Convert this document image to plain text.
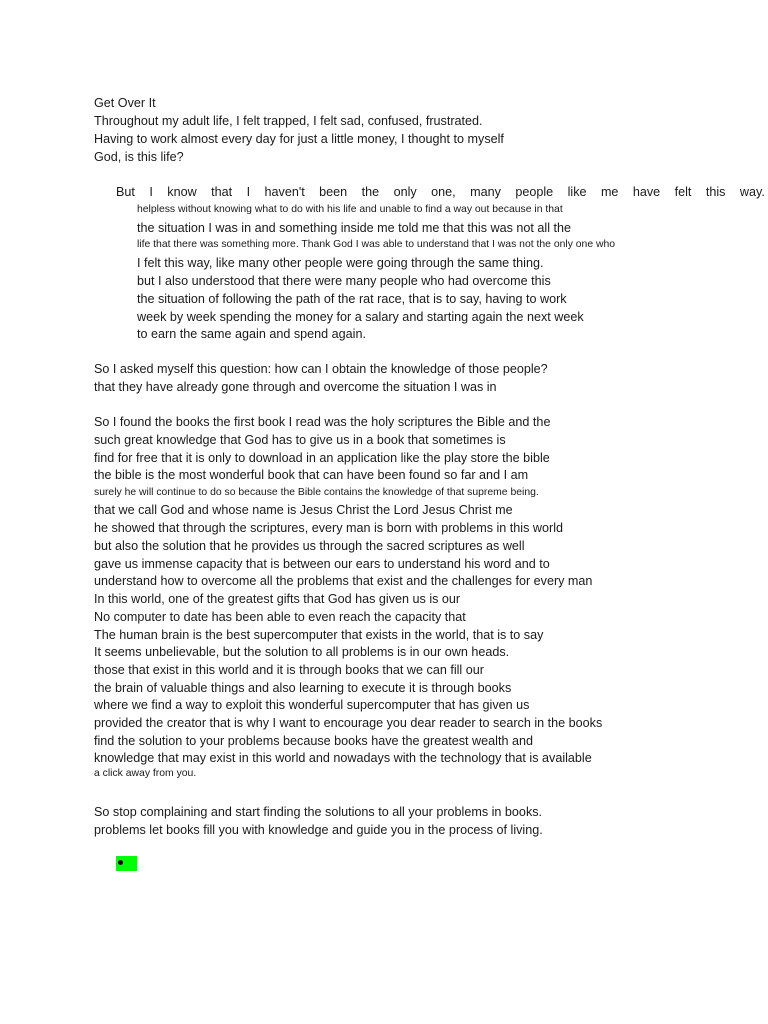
Get Over It
Throughout my adult life, I felt trapped, I felt sad, confused, frustrated.
Having to work almost every day for just a little money, I thought to myself
God, is this life?
But I know that I haven't been the only one, many people like me have felt this way.
helpless without knowing what to do with his life and unable to find a way out because in that
the situation I was in and something inside me told me that this was not all the
life that there was something more. Thank God I was able to understand that I was not the only one who
I felt this way, like many other people were going through the same thing.
but I also understood that there were many people who had overcome this
the situation of following the path of the rat race, that is to say, having to work
week by week spending the money for a salary and starting again the next week
to earn the same again and spend again.
So I asked myself this question: how can I obtain the knowledge of those people?
that they have already gone through and overcome the situation I was in
So I found the books the first book I read was the holy scriptures the Bible and the
such great knowledge that God has to give us in a book that sometimes is
find for free that it is only to download in an application like the play store the bible
the bible is the most wonderful book that can have been found so far and I am
surely he will continue to do so because the Bible contains the knowledge of that supreme being.
that we call God and whose name is Jesus Christ the Lord Jesus Christ me
he showed that through the scriptures, every man is born with problems in this world
but also the solution that he provides us through the sacred scriptures as well
gave us immense capacity that is between our ears to understand his word and to
understand how to overcome all the problems that exist and the challenges for every man
In this world, one of the greatest gifts that God has given us is our
No computer to date has been able to even reach the capacity that
The human brain is the best supercomputer that exists in the world, that is to say
It seems unbelievable, but the solution to all problems is in our own heads.
those that exist in this world and it is through books that we can fill our
the brain of valuable things and also learning to execute it is through books
where we find a way to exploit this wonderful supercomputer that has given us
provided the creator that is why I want to encourage you dear reader to search in the books
find the solution to your problems because books have the greatest wealth and
knowledge that may exist in this world and nowadays with the technology that is available
a click away from you.
So stop complaining and start finding the solutions to all your problems in books.
problems let books fill you with knowledge and guide you in the process of living.
